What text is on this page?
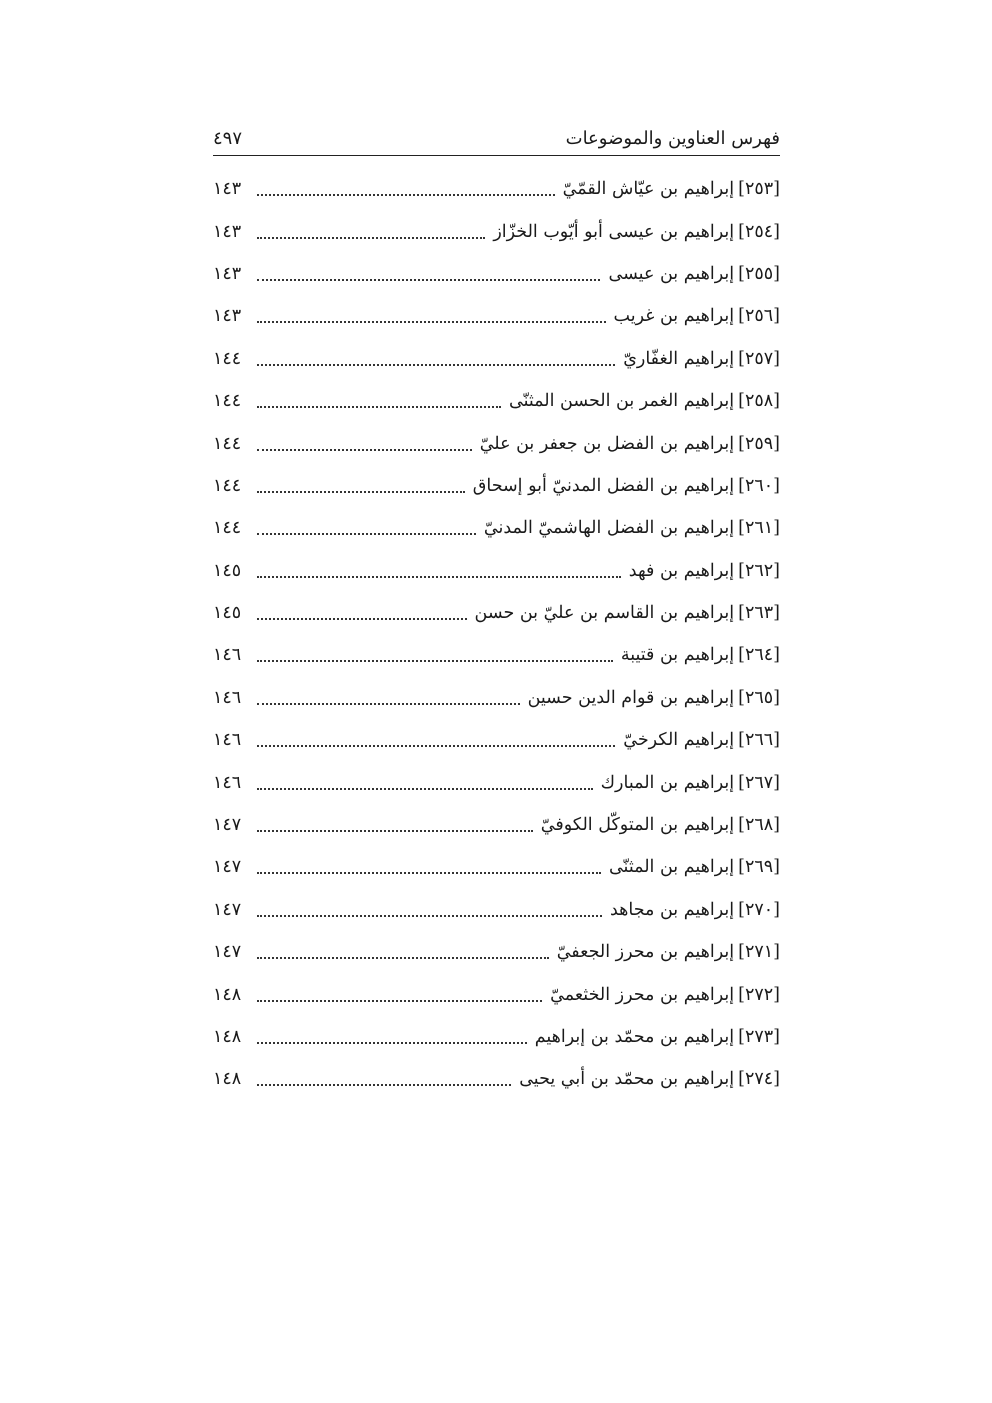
فهرس العناوين والموضوعات
٤٩٧
[٢٥٣]
إبراهيم بن عيّاش القمّيّ
١٤٣
[٢٥٤]
إبراهيم بن عيسى أبو أيّوب الخزّاز
١٤٣
[٢٥٥]
إبراهيم بن عيسى
١٤٣
[٢٥٦]
إبراهيم بن غريب
١٤٣
[٢٥٧]
إبراهيم الغفّاريّ
١٤٤
[٢٥٨]
إبراهيم الغمر بن الحسن المثنّى
١٤٤
[٢٥٩]
إبراهيم بن الفضل بن جعفر بن عليّ
١٤٤
[٢٦٠]
إبراهيم بن الفضل المدنيّ أبو إسحاق
١٤٤
[٢٦١]
إبراهيم بن الفضل الهاشميّ المدنيّ
١٤٤
[٢٦٢]
إبراهيم بن فهد
١٤٥
[٢٦٣]
إبراهيم بن القاسم بن عليّ بن حسن
١٤٥
[٢٦٤]
إبراهيم بن قتيبة
١٤٦
[٢٦٥]
إبراهيم بن قوام الدين حسين
١٤٦
[٢٦٦]
إبراهيم الكرخيّ
١٤٦
[٢٦٧]
إبراهيم بن المبارك
١٤٦
[٢٦٨]
إبراهيم بن المتوكّل الكوفيّ
١٤٧
[٢٦٩]
إبراهيم بن المثنّى
١٤٧
[٢٧٠]
إبراهيم بن مجاهد
١٤٧
[٢٧١]
إبراهيم بن محرز الجعفيّ
١٤٧
[٢٧٢]
إبراهيم بن محرز الخثعميّ
١٤٨
[٢٧٣]
إبراهيم بن محمّد بن إبراهيم
١٤٨
[٢٧٤]
إبراهيم بن محمّد بن أبي يحيى
١٤٨
